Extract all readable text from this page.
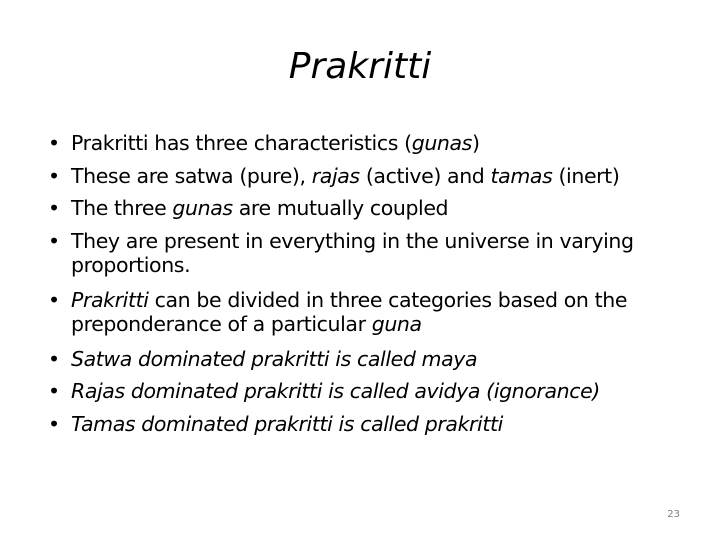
Prakritti
• Prakritti has three characteristics (gunas)
• These are satwa (pure), rajas (active) and tamas (inert)
• The three gunas are mutually coupled
• They are present in everything in the universe in varying proportions.
• Prakritti can be divided in three categories based on the preponderance of a particular guna
• Satwa dominated prakritti is called maya
• Rajas dominated prakritti is called avidya (ignorance)
• Tamas dominated prakritti is called prakritti
23
